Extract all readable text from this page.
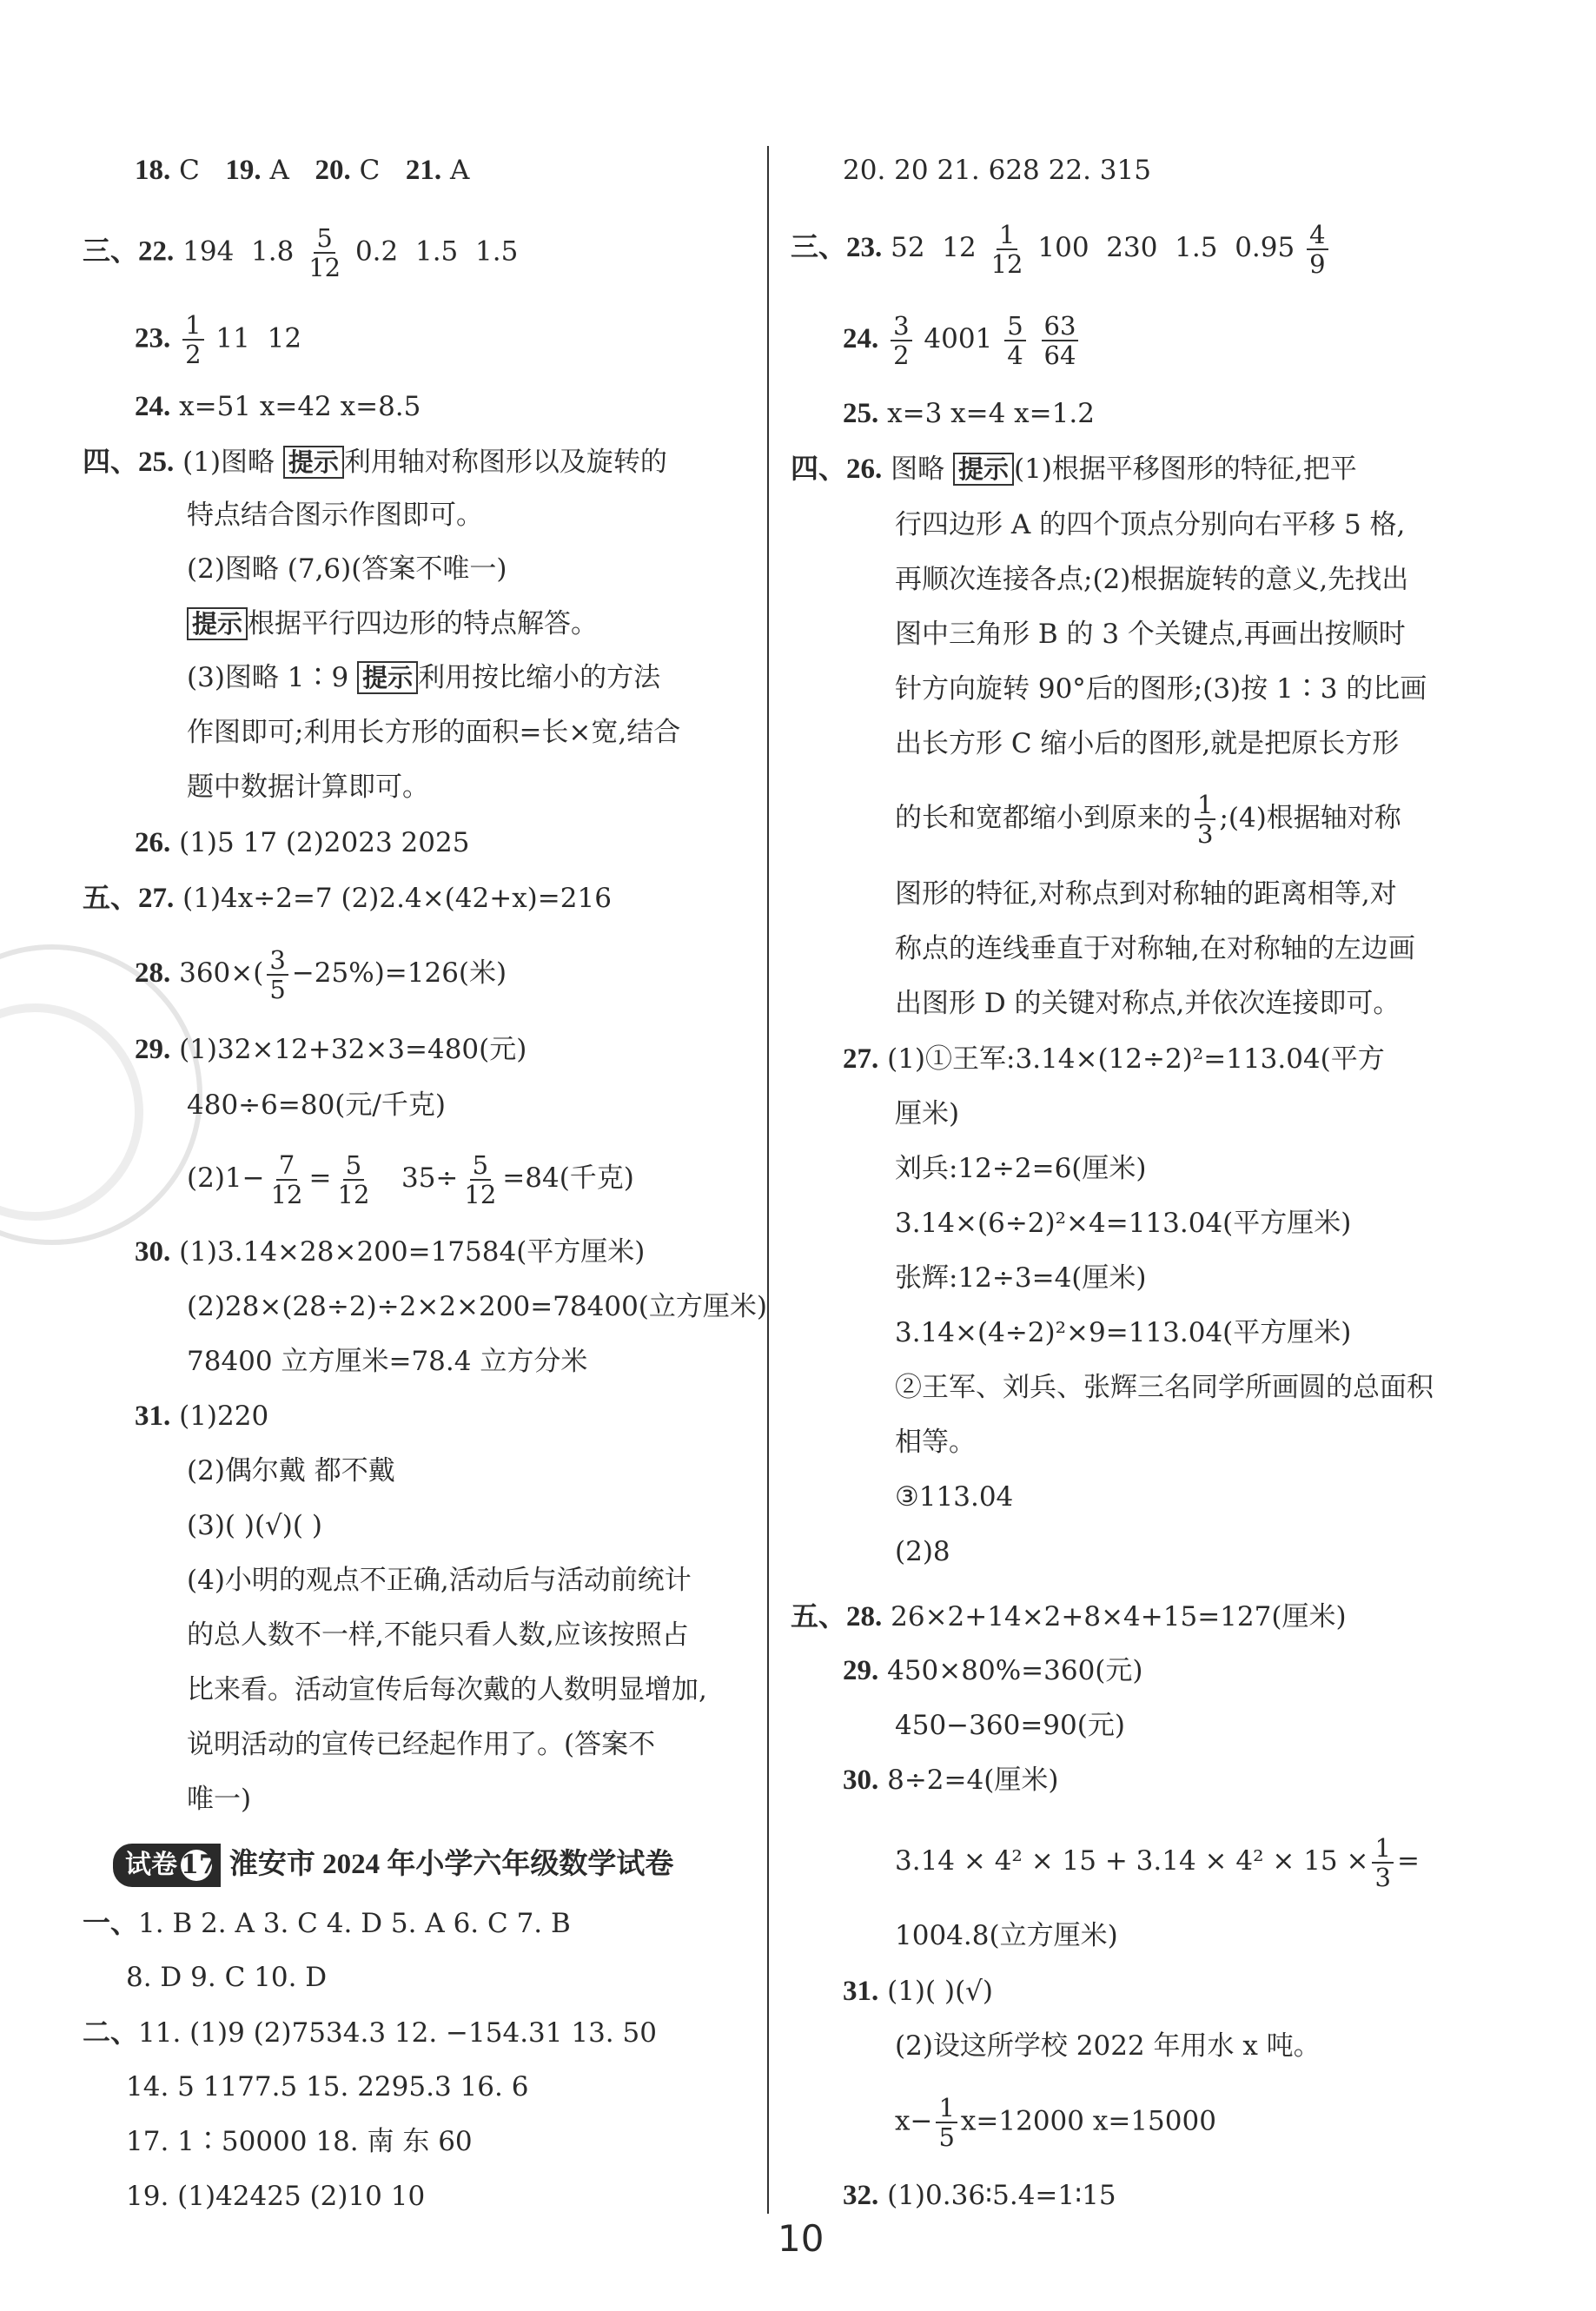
18. C 19. A 20. C 21. A
三、22. 194 $1.8 \frac{5}{12} 0.2$ 1.5 1.5
23. $\frac{1}{2} 11$ 12
24. x=51 x=42 x=8.5
四、25. (1)图略 提示 利用轴对称图形以及旋转的
特点结合图示作图即可。
(2)图略 (7,6)(答案不唯一)
提示 根据平行四边形的特点解答。
(3)图略 1∶9 提示 利用按比缩小的方法
作图即可;利用长方形的面积=长×宽,结合
题中数据计算即可。
26. (1)5 17 (2)2023 2025
五、27. (1)4x÷2=7 (2)2.4×(42+x)=216
28. $360\times( \frac{3}{5} -25\%)=126$(米)
29. (1)32×12+32×3=480(元)
480÷6=80(元/千克)
$(2)1- \frac{7}{12} = \frac{5}{12} 35\div \frac{5}{12} =84$(千克)
30. (1)3.14×28×200=17584(平方厘米)
(2)28×(28÷2)÷2×2×200=78400(立方厘米)
78400 立方厘米=78.4 立方分米
31. (1)220
(2)偶尔戴 都不戴
(3)( )(√)( )
(4)小明的观点不正确,活动后与活动前统计
的总人数不一样,不能只看人数,应该按照占
比来看。活动宣传后每次戴的人数明显增加,
说明活动的宣传已经起作用了。(答案不
唯一)
试卷 17 淮安市 2024 年小学六年级数学试卷
一、1. B 2. A 3. C 4. D 5. A 6. C 7. B
8. D 9. C 10. D
二、11. (1)9 (2)7534.3 12. −154.31 13. 50
14. 5 1177.5 15. 2295.3 16. 6
17. 1∶50000 18. 南 东 60
19. (1)42425 (2)10 10
20. 20 21. 628 22. 315
三、23. 52 $12 \frac{1}{12} 100$ 230 1.5 $0.95 \frac{4}{9}$
24. $\frac{3}{2} 4001 \frac{5}{4}$
$\frac{63}{64}$
25. x=3 x=4 x=1.2
四、26. 图略 提示 (1)根据平移图形的特征,把平
行四边形 A 的四个顶点分别向右平移 5 格,
再顺次连接各点;(2)根据旋转的意义,先找出
图中三角形 B 的 3 个关键点,再画出按顺时
针方向旋转 90°后的图形;(3)按 1∶3 的比画
出长方形 C 缩小后的图形,就是把原长方形
的长和宽都缩小到原来的 $\frac{1}{3}$ ;(4)根据轴对称
图形的特征,对称点到对称轴的距离相等,对
称点的连线垂直于对称轴,在对称轴的左边画
出图形 D 的关键对称点,并依次连接即可。
27. (1)①王军:3.14×(12÷2)²=113.04(平方
厘米)
刘兵:12÷2=6(厘米)
3.14×(6÷2)²×4=113.04(平方厘米)
张辉:12÷3=4(厘米)
3.14×(4÷2)²×9=113.04(平方厘米)
②王军、刘兵、张辉三名同学所画圆的总面积
相等。
③113.04
(2)8
五、28. 26×2+14×2+8×4+15=127(厘米)
29. 450×80%=360(元)
450−360=90(元)
30. 8÷2=4(厘米)
$3.14 \times 4^2 \times 15 + 3.14 \times 4^2 \times 15 \times \frac{1}{3}$ =
1004.8(立方厘米)
31. (1)( )(√)
(2)设这所学校 2022 年用水 x 吨。
$x- \frac{1}{5} x=12000$ x=15000
32. (1)0.36∶5.4=1∶15
10
